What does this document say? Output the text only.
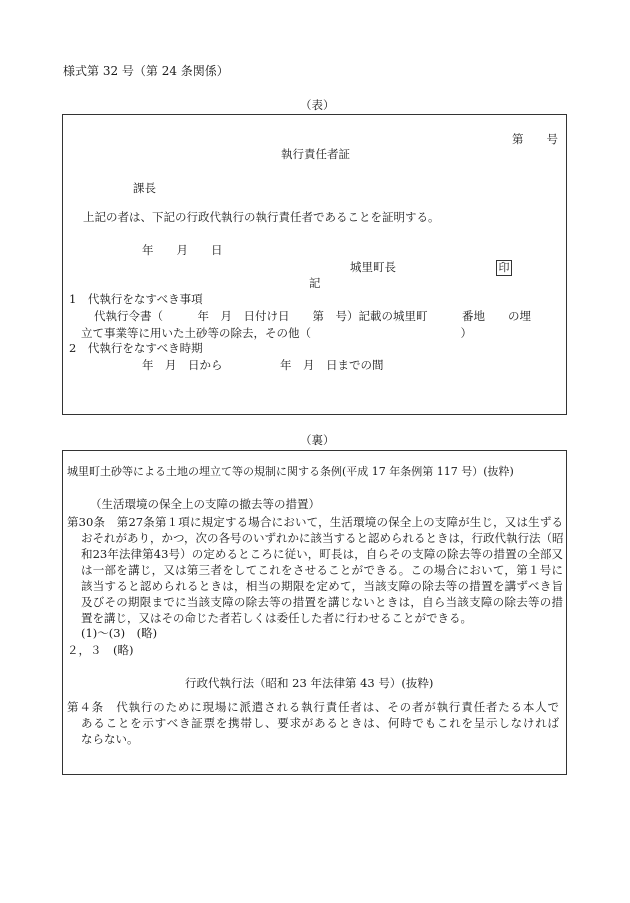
様式第 32 号（第 24 条関係）
（表）
第　　号
執行責任者証
課長
上記の者は、下記の行政代執行の執行責任者であることを証明する。
年　　月　　日
城里町長	印
記
1　代執行をなすべき事項
代執行令書（　　　年　月　日付け日　　第　号）記載の城里町　　　番地　　の埋
立て事業等に用いた土砂等の除去，その他（　　　　　　　　　　　　　）
2　代執行をなすべき時期
年　月　日から　　　　　年　月　日までの間
（裏）
城里町土砂等による土地の埋立て等の規制に関する条例(平成 17 年条例第 117 号）(抜粋)
（生活環境の保全上の支障の撤去等の措置）
第30条　第27条第１項に規定する場合において，生活環境の保全上の支障が生じ，又は生ずる
おそれがあり，かつ，次の各号のいずれかに該当すると認められるときは，行政代執行法（昭
和23年法律第43号）の定めるところに従い，町長は，自らその支障の除去等の措置の全部又
は一部を講じ，又は第三者をしてこれをさせることができる。この場合において，第１号に
該当すると認められるときは，相当の期限を定めて，当該支障の除去等の措置を講ずべき旨
及びその期限までに当該支障の除去等の措置を講じないときは，自ら当該支障の除去等の措
置を講じ，又はその命じた者若しくは委任した者に行わせることができる。
(1)～(3)　(略)
２，３　(略)
行政代執行法（昭和 23 年法律第 43 号）(抜粋)
第４条　代執行のために現場に派遣される執行責任者は、その者が執行責任者たる本人で
あることを示すべき証票を携帯し、要求があるときは、何時でもこれを呈示しなければ
ならない。
